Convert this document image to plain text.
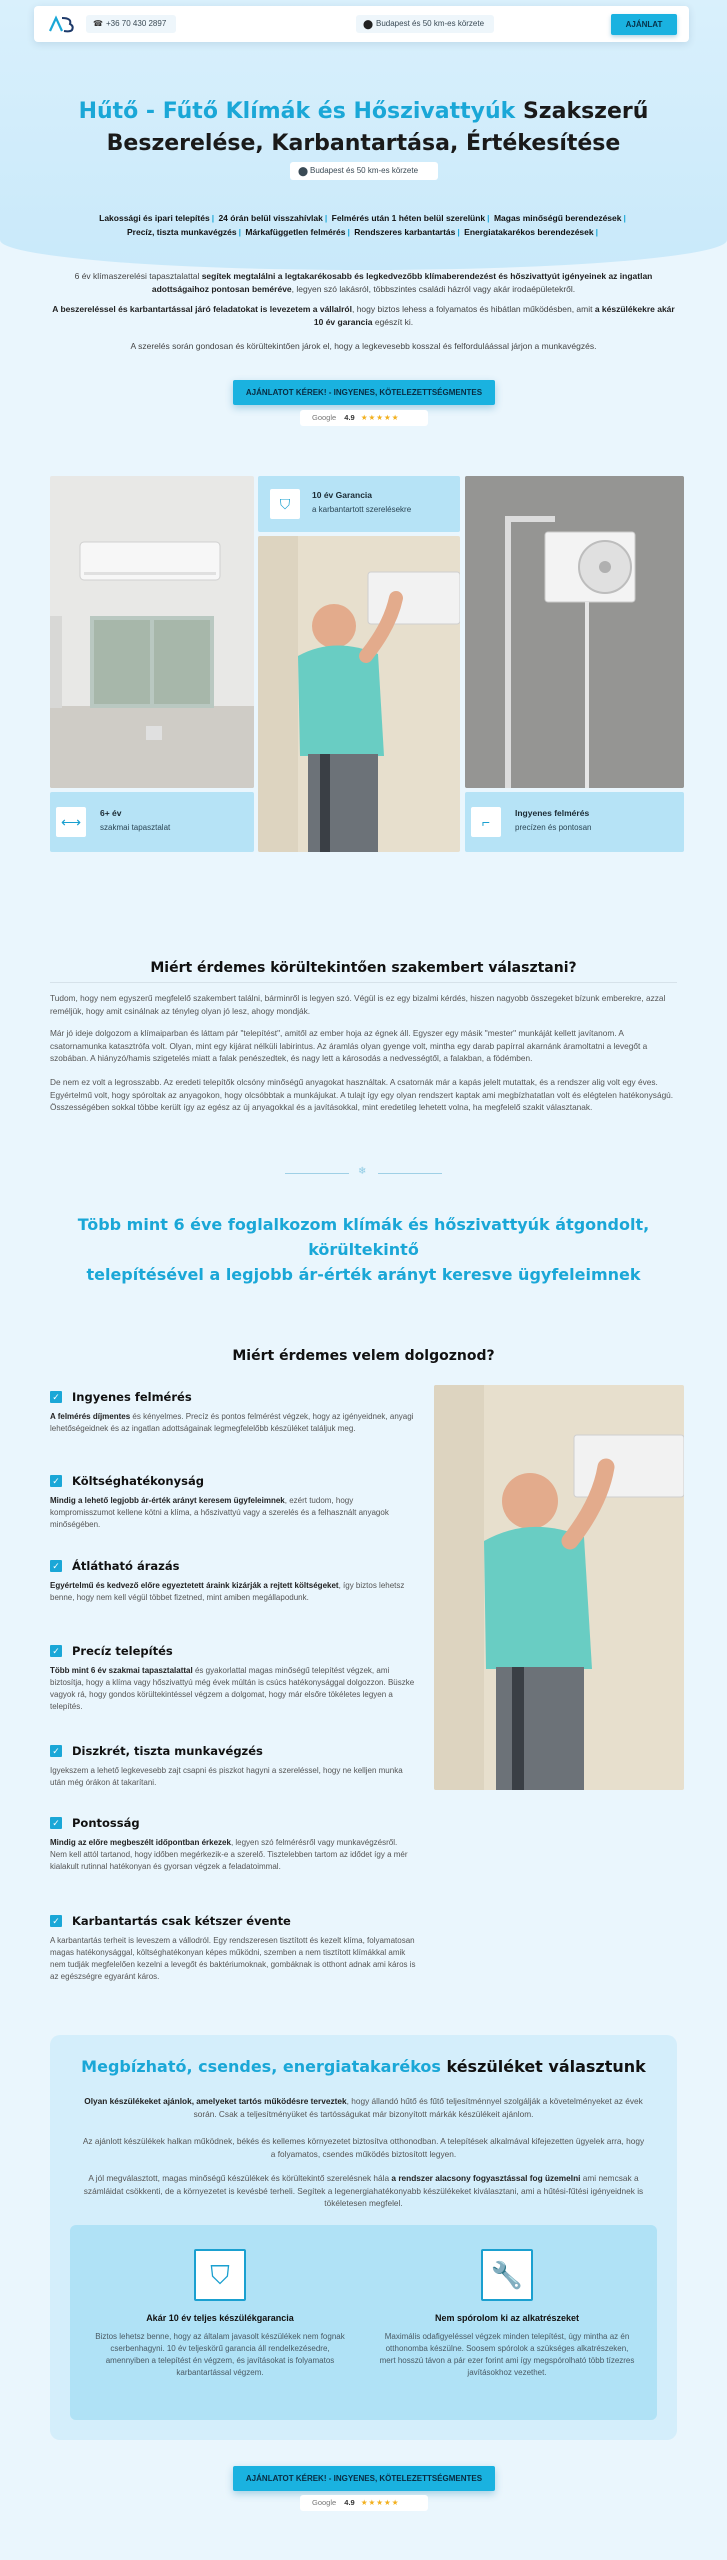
☎ +36 70 430 2897	⬤ Budapest és 50 km-es körzete	AJÁNLAT
Hűtő - Fűtő Klímák és Hőszivattyúk Szakszerű
Beszerelése, Karbantartása, Értékesítése
⬤ Budapest és 50 km-es körzete
Lakossági és ipari telepítés | 24 órán belül visszahívlak | Felmérés után 1 héten belül szerelünk | Magas minőségű berendezések |
Precíz, tiszta munkavégzés | Márkafüggetlen felmérés | Rendszeres karbantartás | Energiatakarékos berendezések |
6 év klímaszerelési tapasztalattal segítek megtalálni a legtakarékosabb és legkedvezőbb klímaberendezést és hőszivattyút igényeinek az ingatlan adottságaihoz pontosan beméréve, legyen szó lakásról, többszintes családi házról vagy akár irodaépületekről.
A beszereléssel és karbantartással járó feladatokat is levezetem a vállalról, hogy biztos lehess a folyamatos és hibátlan működésben, amit a készülékekre akár 10 év garancia egészít ki.
A szerelés során gondosan és körültekintően járok el, hogy a legkevesebb kosszal és felforduláással járjon a munkavégzés.
AJÁNLATOT KÉREK! - INGYENES, KÖTELEZETTSÉGMENTES
Google 4.9 ★★★★★
⛉
10 év Garancia
a karbantartott szerelésekre
⟷
6+ év
szakmai tapasztalat	⌐
Ingyenes felmérés
precízen és pontosan
Miért érdemes körültekintően szakembert választani?
Tudom, hogy nem egyszerű megfelelő szakembert találni, bárminről is legyen szó. Végül is ez egy bizalmi kérdés, hiszen nagyobb összegeket bízunk emberekre, azzal reméljük, hogy amit csinálnak az tényleg olyan jó lesz, ahogy mondják.
Már jó ideje dolgozom a klímaiparban és láttam pár "telepítést", amitől az ember hoja az égnek áll. Egyszer egy másik "mester" munkáját kellett javítanom. A csatornamunka katasztrófa volt. Olyan, mint egy kijárat nélküli labirintus. Az áramlás olyan gyenge volt, mintha egy darab papírral akarnánk áramoltatni a levegőt a szobában. A hiányzó/hamis szigetelés miatt a falak penészedtek, és nagy lett a károsodás a nedvességtől, a falakban, a födémben.
De nem ez volt a legrosszabb. Az eredeti telepítők olcsóny minőségű anyagokat használtak. A csatornák már a kapás jelelt mutattak, és a rendszer alig volt egy éves. Egyértelmű volt, hogy spóroltak az anyagokon, hogy olcsóbbtak a munkájukat. A tulajt így egy olyan rendszert kaptak ami megbízhatatlan volt és elégtelen hatékonyságú. Összességében sokkal többe került így az egész az új anyagokkal és a javításokkal, mint eredetileg lehetett volna, ha megfelelő szakit választanak.
❄
Több mint 6 éve foglalkozom klímák és hőszivattyúk átgondolt, körültekintő
telepítésével a legjobb ár-érték arányt keresve ügyfeleimnek
Miért érdemes velem dolgoznod?
✓ Ingyenes felmérés
A felmérés díjmentes és kényelmes. Precíz és pontos felmérést végzek, hogy az igényeidnek, anyagi lehetőségeidnek és az ingatlan adottságainak legmegfelelőbb készüléket találjuk meg.
✓ Költséghatékonyság
Mindig a lehető legjobb ár-érték arányt keresem ügyfeleimnek, ezért tudom, hogy kompromisszumot kellene kötni a klíma, a hőszivattyú vagy a szerelés és a felhasznált anyagok minőségében.
✓ Átlátható árazás
Egyértelmű és kedvező előre egyeztetett áraink kizárják a rejtett költségeket, így biztos lehetsz benne, hogy nem kell végül többet fizetned, mint amiben megállapodunk.
✓ Precíz telepítés
Több mint 6 év szakmai tapasztalattal és gyakorlattal magas minőségű telepítést végzek, ami biztosítja, hogy a klíma vagy hőszivattyú még évek múltán is csúcs hatékonysággal dolgozzon. Büszke vagyok rá, hogy gondos körültekintéssel végzem a dolgomat, hogy már elsőre tökéletes legyen a telepítés.
✓ Diszkrét, tiszta munkavégzés
Igyekszem a lehető legkevesebb zajt csapni és piszkot hagyni a szereléssel, hogy ne kelljen munka után még órákon át takarítani.
✓ Pontosság
Mindig az előre megbeszélt időpontban érkezek, legyen szó felmérésről vagy munkavégzésről. Nem kell attól tartanod, hogy időben megérkezik-e a szerelő. Tisztelebben tartom az idődet így a mér kialakult rutinnal hatékonyan és gyorsan végzek a feladatoimmal.
✓ Karbantartás csak kétszer évente
A karbantartás terheit is leveszem a vállodról. Egy rendszeresen tisztított és kezelt klíma, folyamatosan magas hatékonysággal, költséghatékonyan képes működni, szemben a nem tisztított klímákkal amik nem tudják megfelelően kezelni a levegőt és baktériumoknak, gombáknak is otthont adnak ami káros is az egészségre egyaránt káros.
Megbízható, csendes, energiatakarékos készüléket választunk
Olyan készülékeket ajánlok, amelyeket tartós működésre terveztek, hogy állandó hűtő és fűtő teljesítménnyel szolgálják a követelményeket az évek során. Csak a teljesítményüket és tartósságukat már bizonyított márkák készülékeit ajánlom.
Az ajánlott készülékek halkan működnek, békés és kellemes környezetet biztosítva otthonodban. A telepítések alkalmával kifejezetten ügyelek arra, hogy a folyamatos, csendes működés biztosított legyen.
A jól megválasztott, magas minőségű készülékek és körültekintő szerelésnek hála a rendszer alacsony fogyasztással fog üzemelni ami nemcsak a számláidat csökkenti, de a környezetet is kevésbé terheli. Segítek a legenergiahatékonyabb készülékeket kiválasztani, ami a hűtési-fűtési igényeidnek is tökéletesen megfelel.
⛉
Akár 10 év teljes készülékgarancia
Biztos lehetsz benne, hogy az általam javasolt készülékek nem fognak cserbenhagyni. 10 év teljeskörű garancia áll rendelkezésedre, amennyiben a telepítést én végzem, és javításokat is folyamatos karbantartással végzem.
🔧
Nem spórolom ki az alkatrészeket
Maximális odafigyeléssel végzek minden telepítést, úgy mintha az én otthonomba készülne. Soosem spórolok a szükséges alkatrészeken, mert hosszú távon a pár ezer forint ami így megspórolható több tízezres javításokhoz vezethet.
AJÁNLATOT KÉREK! - INGYENES, KÖTELEZETTSÉGMENTES
Google 4.9 ★★★★★
